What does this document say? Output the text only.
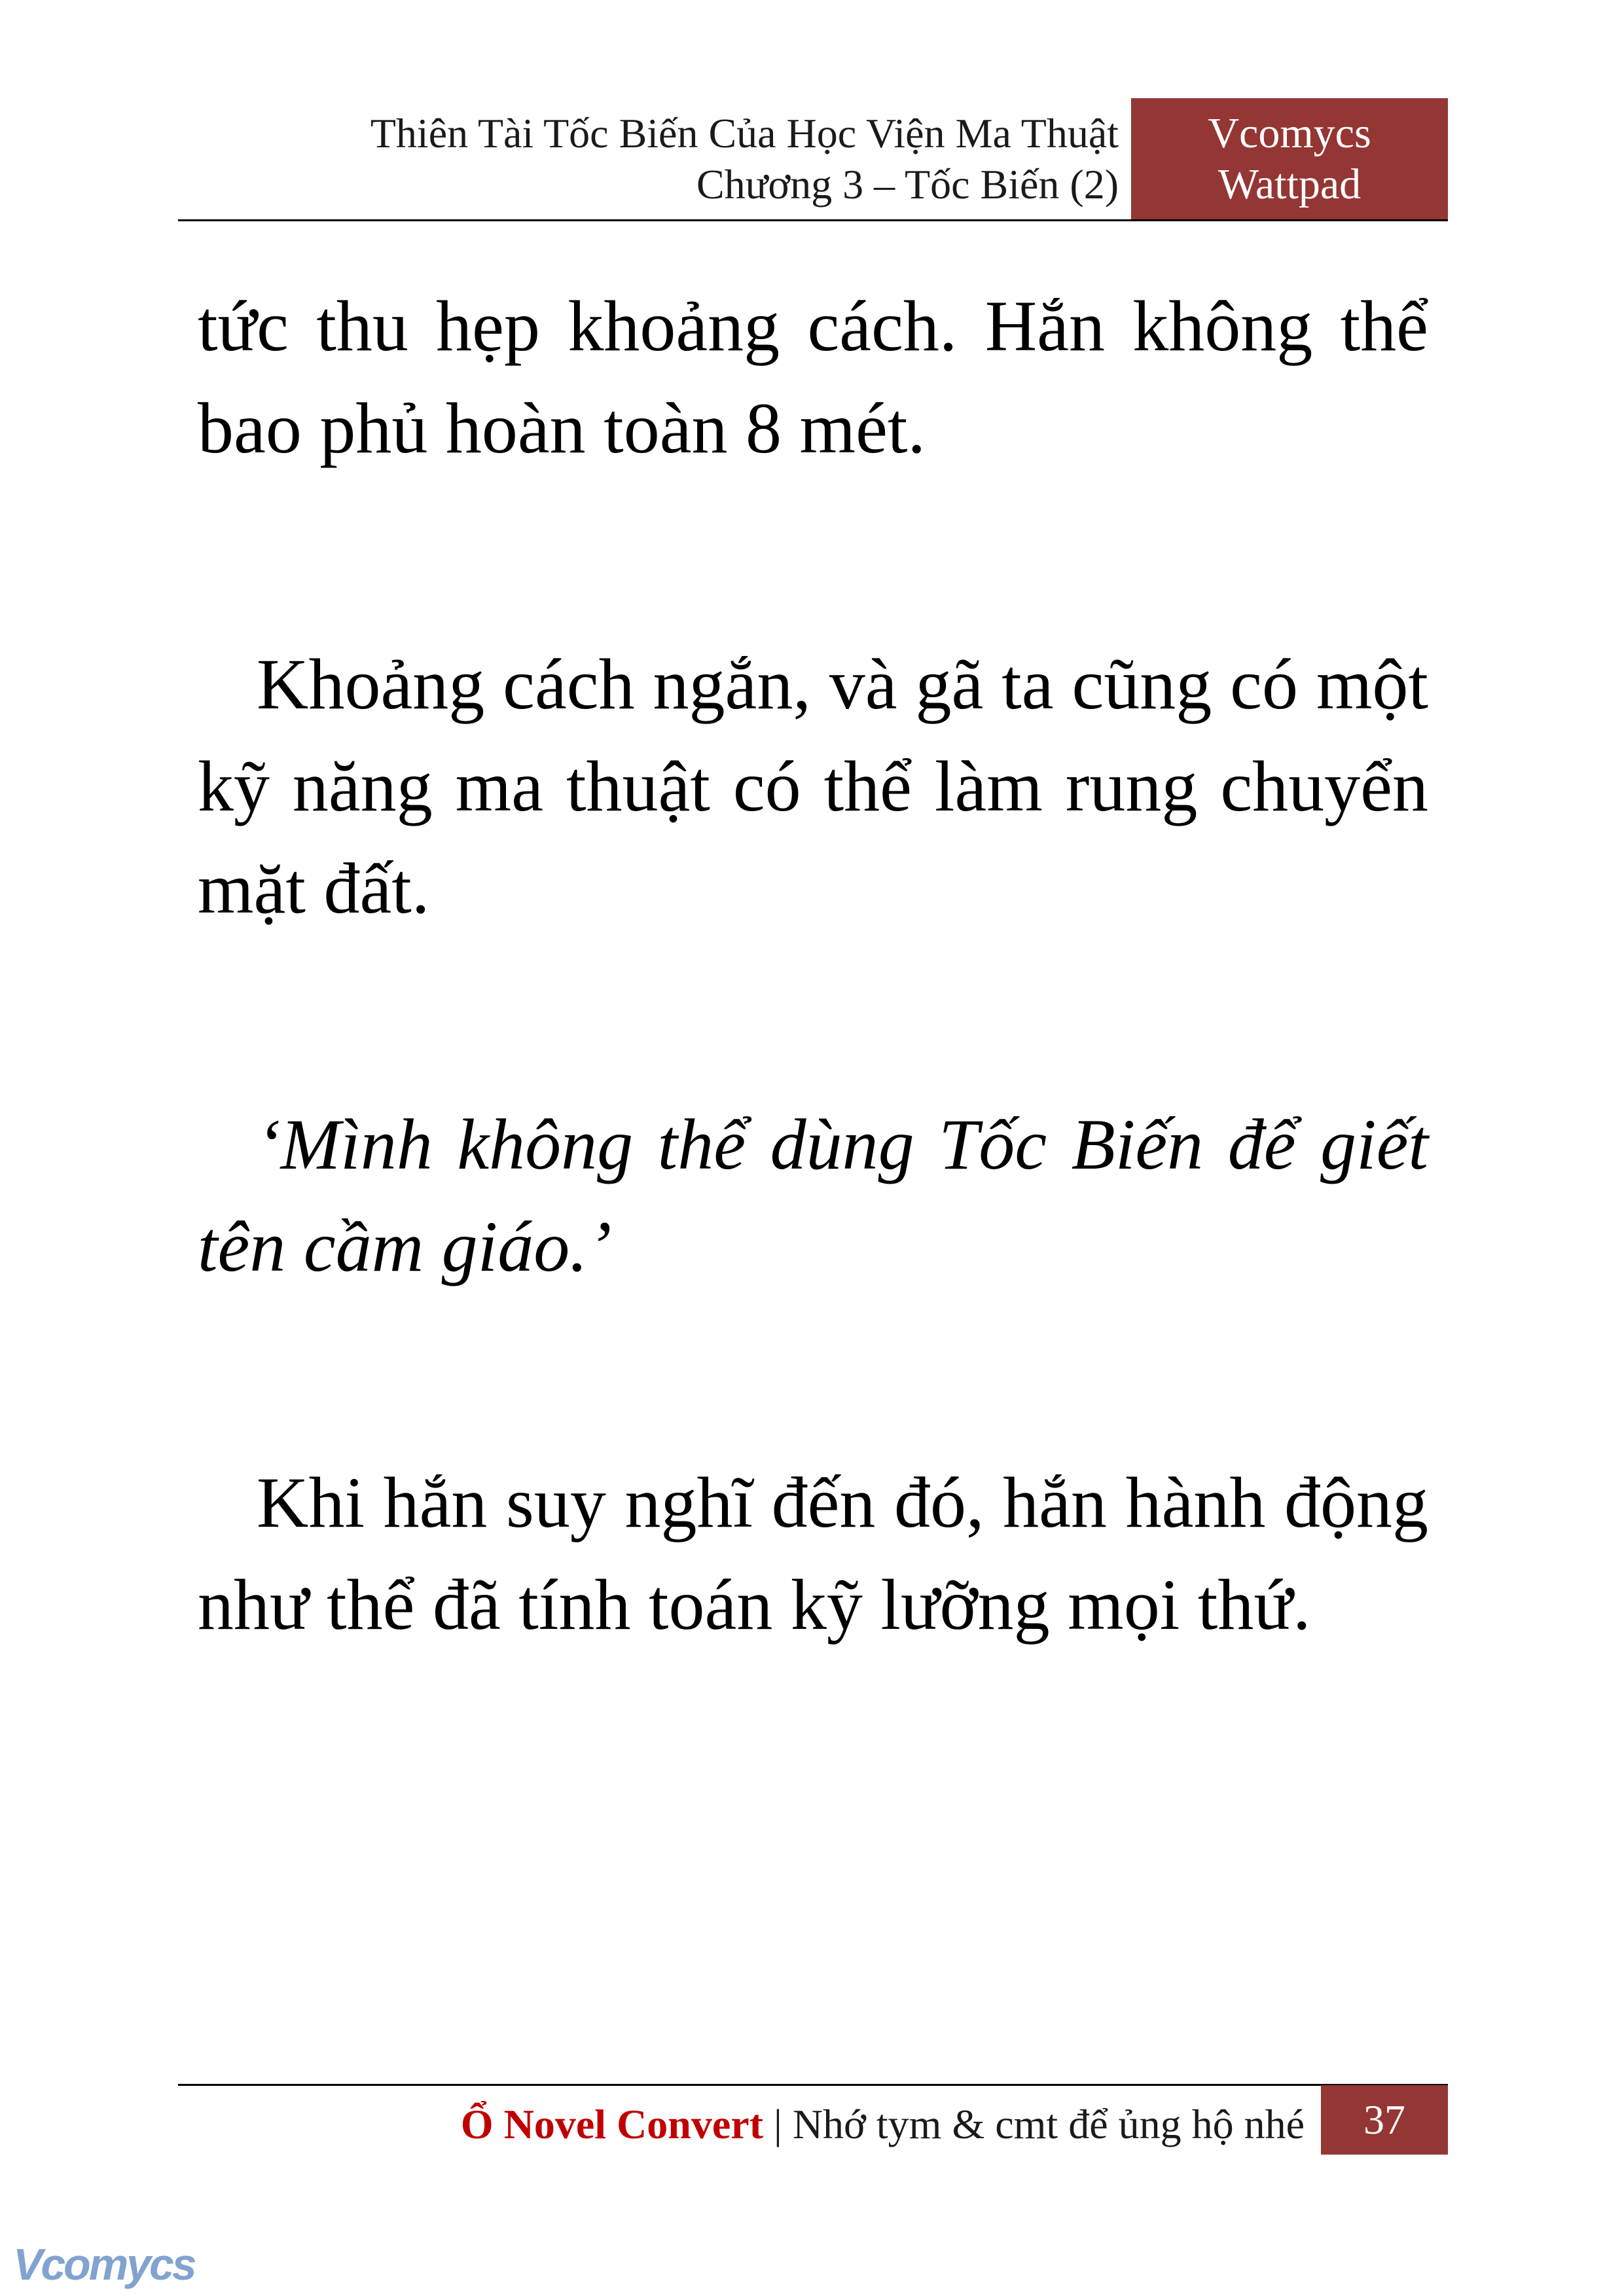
Thiên Tài Tốc Biến Của Học Viện Ma Thuật
Chương 3 – Tốc Biến (2)
Vcomycs
Wattpad

tức thu hẹp khoảng cách. Hắn không thể bao phủ hoàn toàn 8 mét.

Khoảng cách ngắn, và gã ta cũng có một kỹ năng ma thuật có thể làm rung chuyển mặt đất.

‘Mình không thể dùng Tốc Biến để giết tên cầm giáo.’

Khi hắn suy nghĩ đến đó, hắn hành động như thể đã tính toán kỹ lưỡng mọi thứ.

Ổ Novel Convert | Nhớ tym & cmt để ủng hộ nhé	37
Vcomycs
